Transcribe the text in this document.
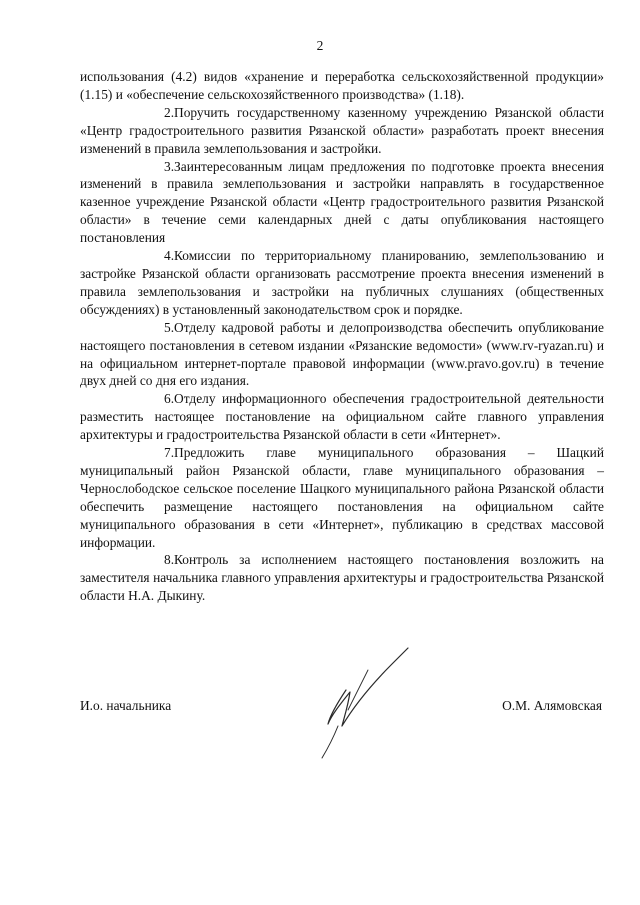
2

использования (4.2) видов «хранение и переработка сельскохозяйственной продукции» (1.15) и «обеспечение сельскохозяйственного производства» (1.18).

2.Поручить государственному казенному учреждению Рязанской области «Центр градостроительного развития Рязанской области» разработать проект внесения изменений в правила землепользования и застройки.

3.Заинтересованным лицам предложения по подготовке проекта внесения изменений в правила землепользования и застройки направлять в государственное казенное учреждение Рязанской области «Центр градостроительного развития Рязанской области» в течение семи календарных дней с даты опубликования настоящего постановления

4.Комиссии по территориальному планированию, землепользованию и застройке Рязанской области организовать рассмотрение проекта внесения изменений в правила землепользования и застройки на публичных слушаниях (общественных обсуждениях) в установленный законодательством срок и порядке.

5.Отделу кадровой работы и делопроизводства обеспечить опубликование настоящего постановления в сетевом издании «Рязанские ведомости» (www.rv-ryazan.ru) и на официальном интернет-портале правовой информации (www.pravo.gov.ru) в течение двух дней со дня его издания.

6.Отделу информационного обеспечения градостроительной деятельности разместить настоящее постановление на официальном сайте главного управления архитектуры и градостроительства Рязанской области в сети «Интернет».

7.Предложить главе муниципального образования – Шацкий муниципальный район Рязанской области, главе муниципального образования – Чернослободское сельское поселение Шацкого муниципального района Рязанской области обеспечить размещение настоящего постановления на официальном сайте муниципального образования в сети «Интернет», публикацию в средствах массовой информации.

8.Контроль за исполнением настоящего постановления возложить на заместителя начальника главного управления архитектуры и градостроительства Рязанской области Н.А. Дыкину.

И.о. начальника	О.М. Алямовская
